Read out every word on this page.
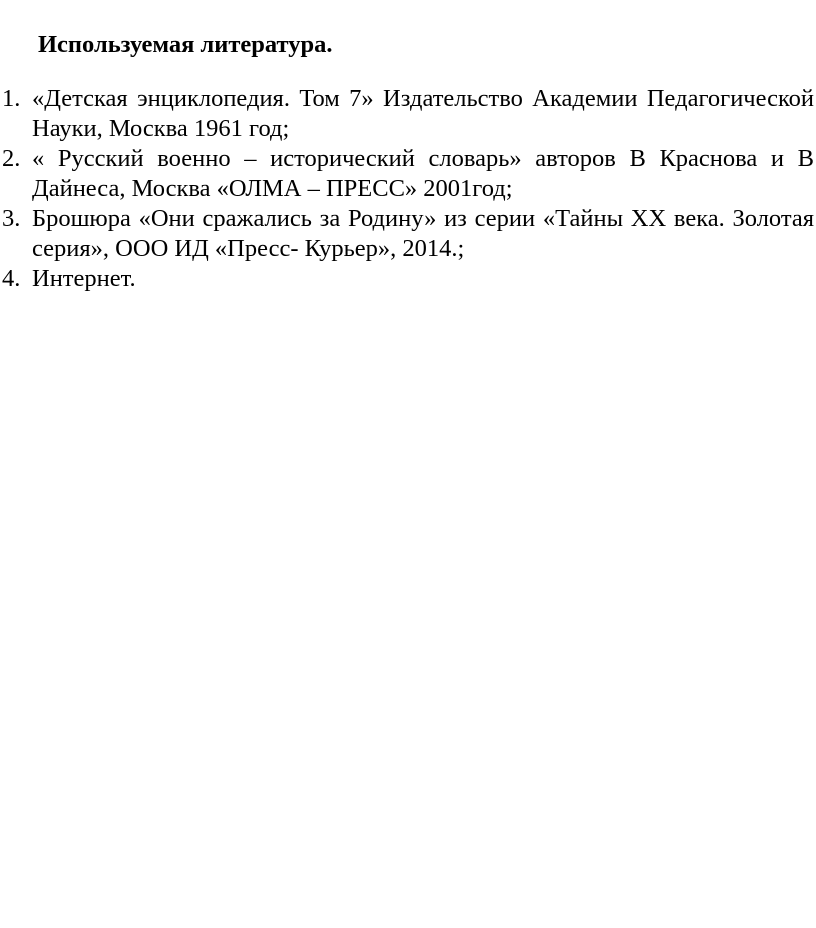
Используемая литература.
1. «Детская энциклопедия. Том 7» Издательство Академии Педагогической Науки, Москва 1961 год;
2. « Русский военно – исторический словарь» авторов В Краснова и В Дайнеса, Москва «ОЛМА – ПРЕСС» 2001год;
3. Брошюра «Они сражались за Родину» из серии «Тайны XX века. Золотая серия», ООО ИД «Пресс- Курьер», 2014.;
4. Интернет.
